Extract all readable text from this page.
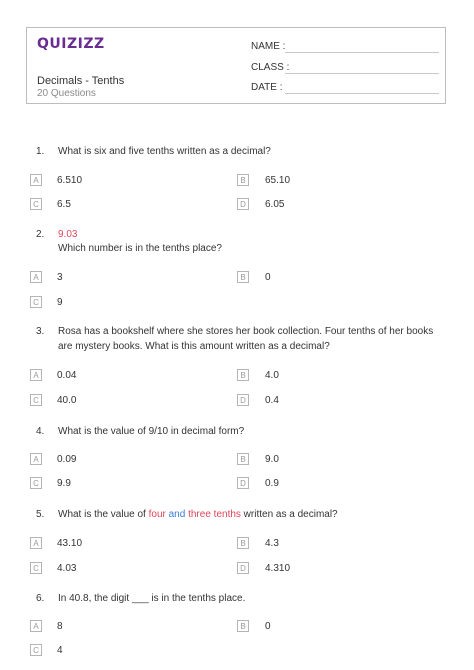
QUIZIZZ
Decimals - Tenths
20 Questions
NAME :
CLASS :
DATE :
1. What is six and five tenths written as a decimal?
A	6.510	B	65.10
C	6.5	D	6.05
2. 9.03
Which number is in the tenths place?
A	3	B	0
C	9
3. Rosa has a bookshelf where she stores her book collection. Four tenths of her books
are mystery books. What is this amount written as a decimal?
A	0.04	B	4.0
C	40.0	D	0.4
4. What is the value of 9/10 in decimal form?
A	0.09	B	9.0
C	9.9	D	0.9
5. What is the value of four and three tenths written as a decimal?
A	43.10	B	4.3
C	4.03	D	4.310
6. In 40.8, the digit ___ is in the tenths place.
A	8	B	0
C	4
